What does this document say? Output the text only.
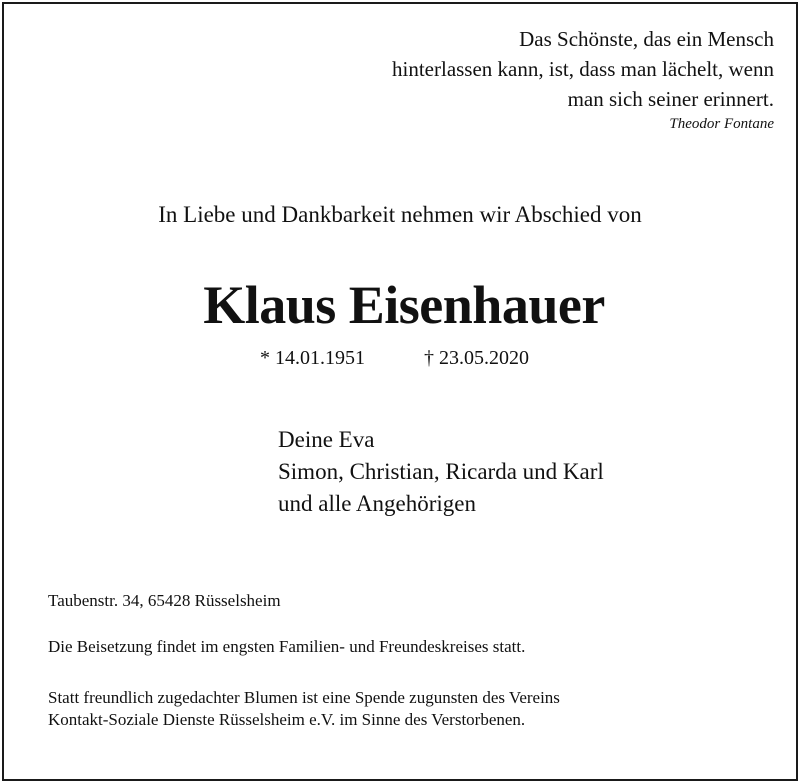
Das Schönste, das ein Mensch
hinterlassen kann, ist, dass man lächelt, wenn
man sich seiner erinnert.
Theodor Fontane
In Liebe und Dankbarkeit nehmen wir Abschied von
Klaus Eisenhauer
* 14.01.1951	† 23.05.2020
Deine Eva
Simon, Christian, Ricarda und Karl
und alle Angehörigen
Taubenstr. 34, 65428 Rüsselsheim
Die Beisetzung findet im engsten Familien- und Freundeskreises statt.
Statt freundlich zugedachter Blumen ist eine Spende zugunsten des Vereins
Kontakt-Soziale Dienste Rüsselsheim e.V. im Sinne des Verstorbenen.
